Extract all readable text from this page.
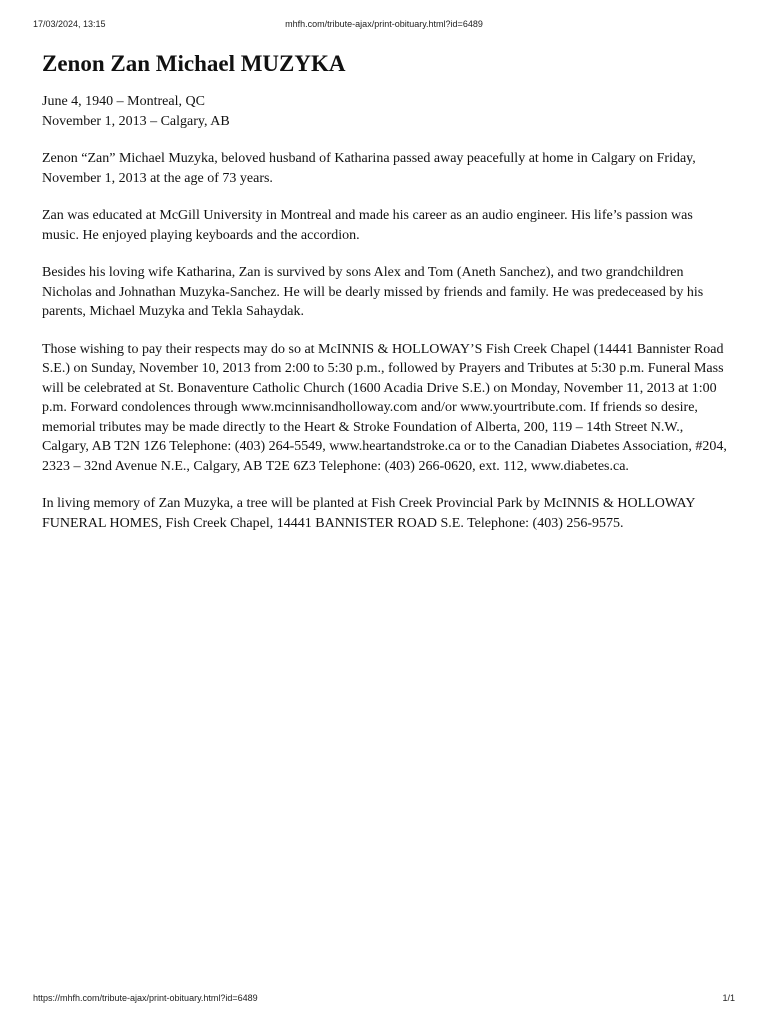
17/03/2024, 13:15	mhfh.com/tribute-ajax/print-obituary.html?id=6489
Zenon Zan Michael MUZYKA
June 4, 1940 – Montreal, QC
November 1, 2013 – Calgary, AB

Zenon “Zan” Michael Muzyka, beloved husband of Katharina passed away peacefully at home in Calgary on Friday, November 1, 2013 at the age of 73 years.

Zan was educated at McGill University in Montreal and made his career as an audio engineer. His life’s passion was music. He enjoyed playing keyboards and the accordion.

Besides his loving wife Katharina, Zan is survived by sons Alex and Tom (Aneth Sanchez), and two grandchildren Nicholas and Johnathan Muzyka-Sanchez. He will be dearly missed by friends and family. He was predeceased by his parents, Michael Muzyka and Tekla Sahaydak.

Those wishing to pay their respects may do so at McINNIS & HOLLOWAY’S Fish Creek Chapel (14441 Bannister Road S.E.) on Sunday, November 10, 2013 from 2:00 to 5:30 p.m., followed by Prayers and Tributes at 5:30 p.m. Funeral Mass will be celebrated at St. Bonaventure Catholic Church (1600 Acadia Drive S.E.) on Monday, November 11, 2013 at 1:00 p.m. Forward condolences through www.mcinnisandholloway.com and/or www.yourtribute.com. If friends so desire, memorial tributes may be made directly to the Heart & Stroke Foundation of Alberta, 200, 119 – 14th Street N.W., Calgary, AB T2N 1Z6 Telephone: (403) 264-5549, www.heartandstroke.ca or to the Canadian Diabetes Association, #204, 2323 – 32nd Avenue N.E., Calgary, AB T2E 6Z3 Telephone: (403) 266-0620, ext. 112, www.diabetes.ca.

In living memory of Zan Muzyka, a tree will be planted at Fish Creek Provincial Park by McINNIS & HOLLOWAY FUNERAL HOMES, Fish Creek Chapel, 14441 BANNISTER ROAD S.E. Telephone: (403) 256-9575.

https://mhfh.com/tribute-ajax/print-obituary.html?id=6489	1/1
